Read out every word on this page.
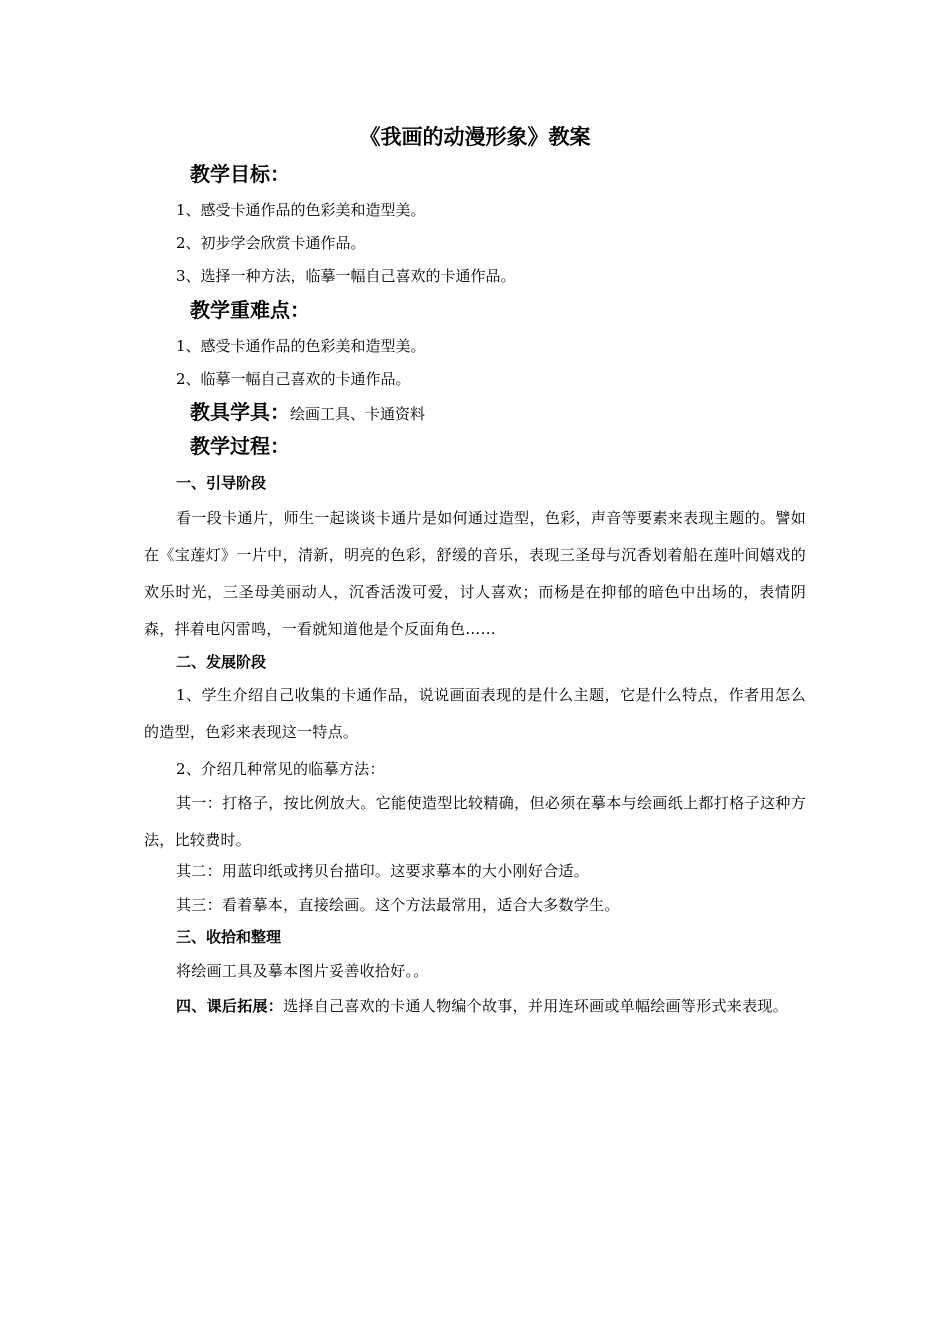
《我画的动漫形象》教案
教学目标：
1、感受卡通作品的色彩美和造型美。
2、初步学会欣赏卡通作品。
3、选择一种方法，临摹一幅自己喜欢的卡通作品。
教学重难点：
1、感受卡通作品的色彩美和造型美。
2、临摹一幅自己喜欢的卡通作品。
教具学具：绘画工具、卡通资料
教学过程：
一、引导阶段
看一段卡通片，师生一起谈谈卡通片是如何通过造型，色彩，声音等要素来表现主题的。譬如在《宝莲灯》一片中，清新，明亮的色彩，舒缓的音乐，表现三圣母与沉香划着船在莲叶间嬉戏的欢乐时光，三圣母美丽动人，沉香活泼可爱，讨人喜欢；而杨是在抑郁的暗色中出场的，表情阴森，拌着电闪雷鸣，一看就知道他是个反面角色……
二、发展阶段
1、学生介绍自己收集的卡通作品，说说画面表现的是什么主题，它是什么特点，作者用怎么的造型，色彩来表现这一特点。
2、介绍几种常见的临摹方法：
其一：打格子，按比例放大。它能使造型比较精确，但必须在摹本与绘画纸上都打格子这种方法，比较费时。
其二：用蓝印纸或拷贝台描印。这要求摹本的大小刚好合适。
其三：看着摹本，直接绘画。这个方法最常用，适合大多数学生。
三、收拾和整理
将绘画工具及摹本图片妥善收拾好。。
四、课后拓展：选择自己喜欢的卡通人物编个故事，并用连环画或单幅绘画等形式来表现。
